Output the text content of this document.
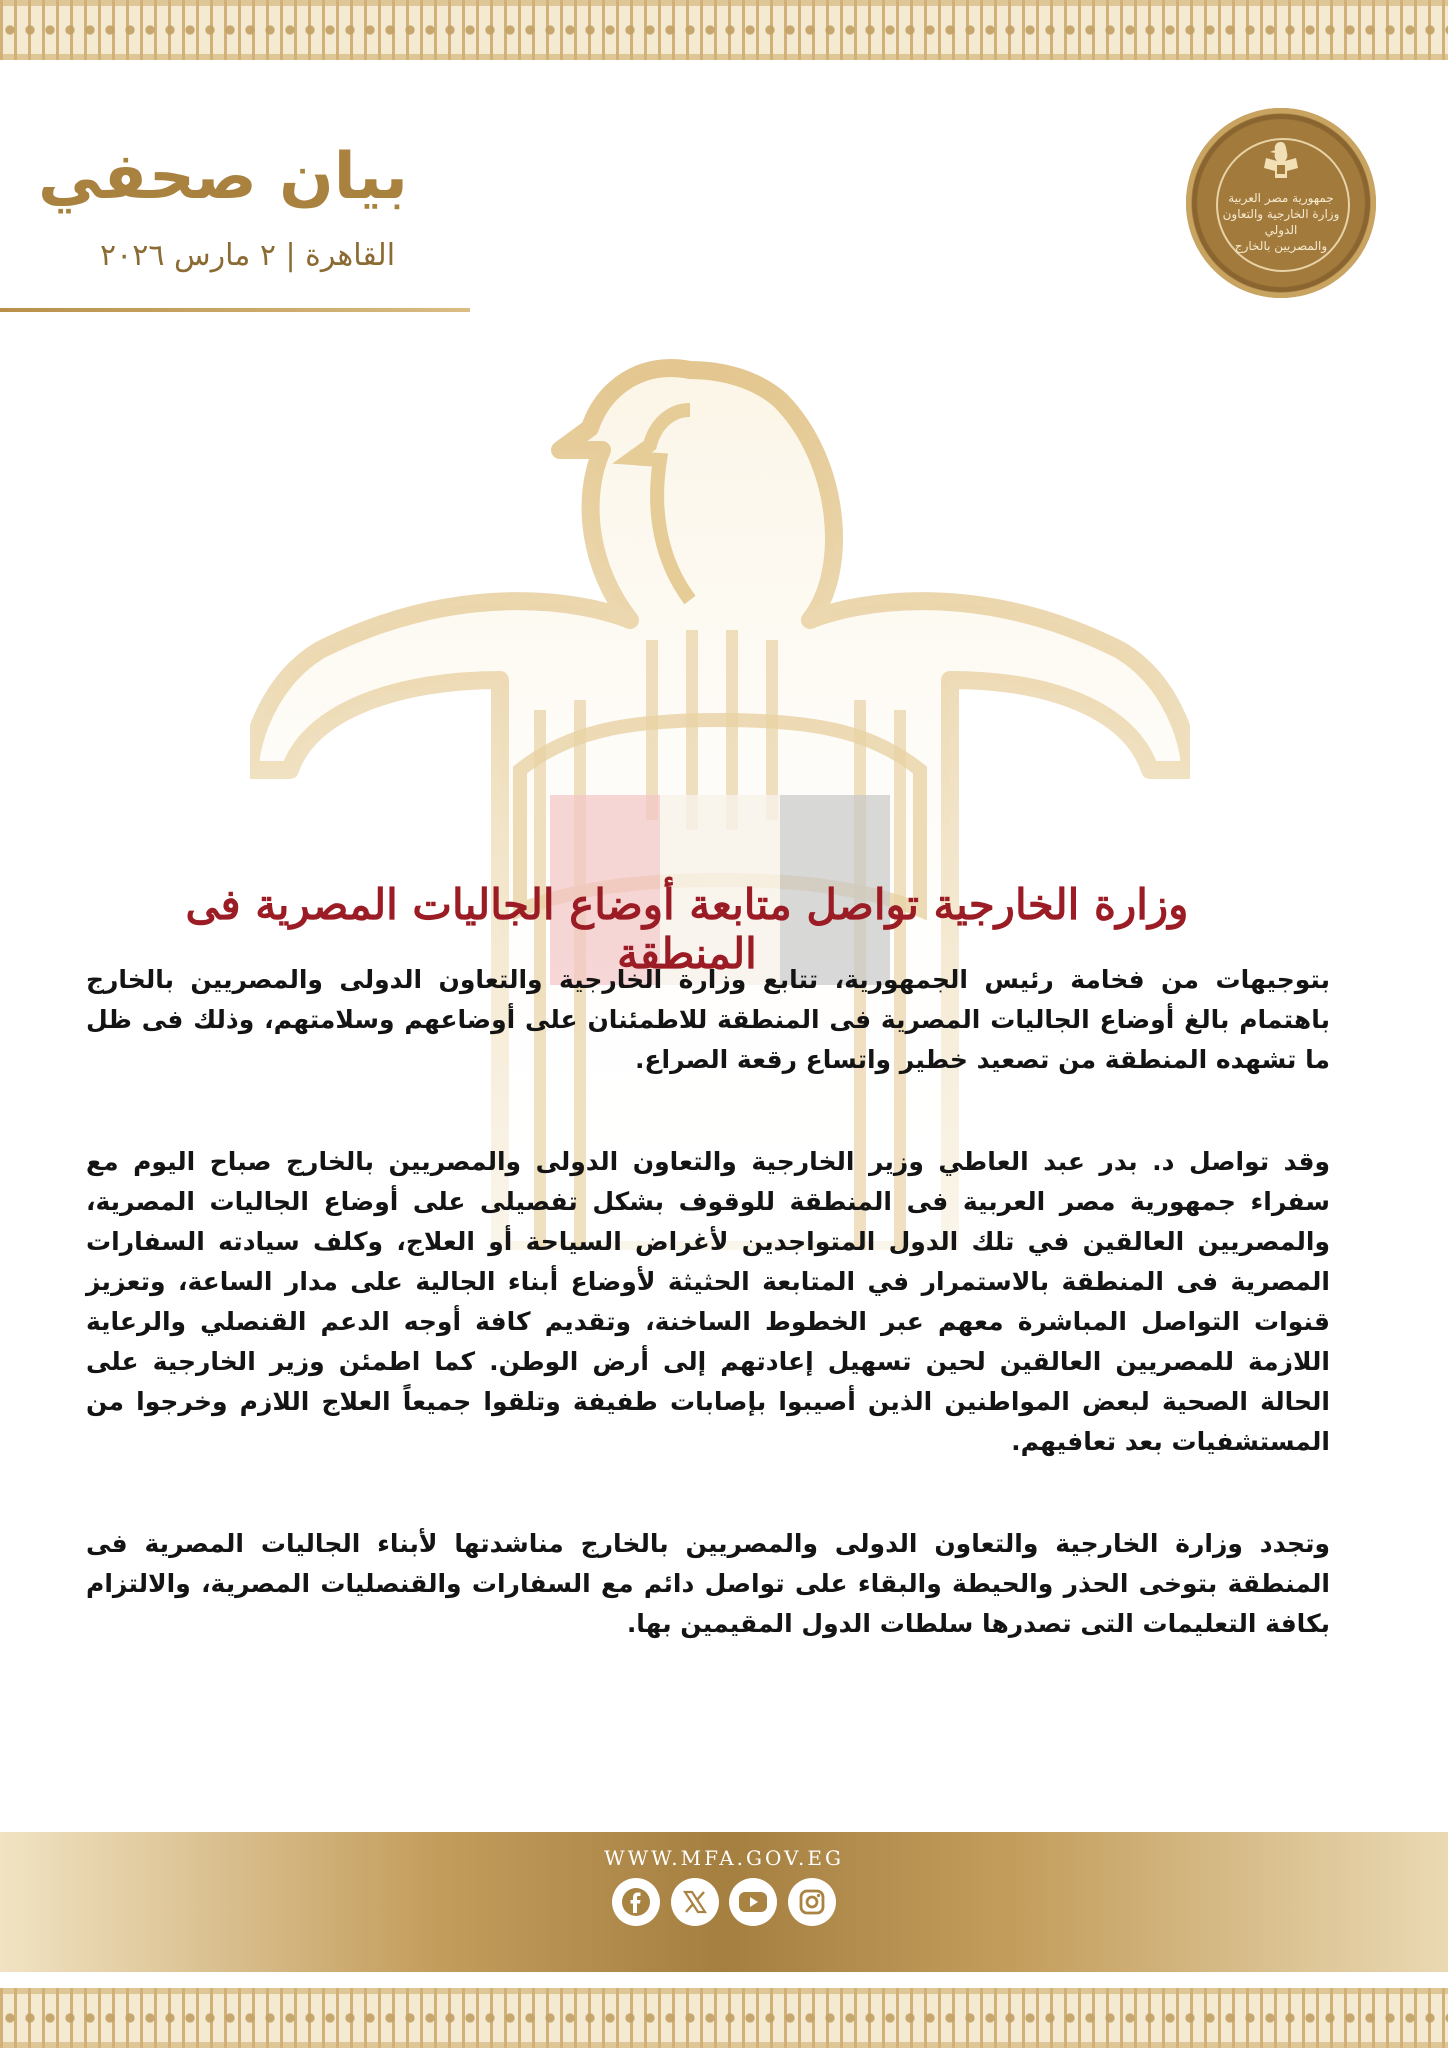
جمهورية مصر العربية
وزارة الخارجية والتعاون الدولي
والمصريين بالخارج
بيان صحفي
القاهرة | ٢ مارس ٢٠٢٦
وزارة الخارجية تواصل متابعة أوضاع الجاليات المصرية فى المنطقة

بتوجيهات من فخامة رئيس الجمهورية، تتابع وزارة الخارجية والتعاون الدولى والمصريين بالخارج باهتمام بالغ أوضاع الجاليات المصرية فى المنطقة للاطمئنان على أوضاعهم وسلامتهم، وذلك فى ظل ما تشهده المنطقة من تصعيد خطير واتساع رقعة الصراع.

وقد تواصل د. بدر عبد العاطي وزير الخارجية والتعاون الدولى والمصريين بالخارج صباح اليوم مع سفراء جمهورية مصر العربية فى المنطقة للوقوف بشكل تفصيلى على أوضاع الجاليات المصرية، والمصريين العالقين في تلك الدول المتواجدين لأغراض السياحة أو العلاج، وكلف سيادته السفارات المصرية فى المنطقة بالاستمرار في المتابعة الحثيثة لأوضاع أبناء الجالية على مدار الساعة، وتعزيز قنوات التواصل المباشرة معهم عبر الخطوط الساخنة، وتقديم كافة أوجه الدعم القنصلي والرعاية اللازمة للمصريين العالقين لحين تسهيل إعادتهم إلى أرض الوطن. كما اطمئن وزير الخارجية على الحالة الصحية لبعض المواطنين الذين أصيبوا بإصابات طفيفة وتلقوا جميعاً العلاج اللازم وخرجوا من المستشفيات بعد تعافيهم.

وتجدد وزارة الخارجية والتعاون الدولى والمصريين بالخارج مناشدتها لأبناء الجاليات المصرية فى المنطقة بتوخى الحذر والحيطة والبقاء على تواصل دائم مع السفارات والقنصليات المصرية، والالتزام بكافة التعليمات التى تصدرها سلطات الدول المقيمين بها.

WWW.MFA.GOV.EG
